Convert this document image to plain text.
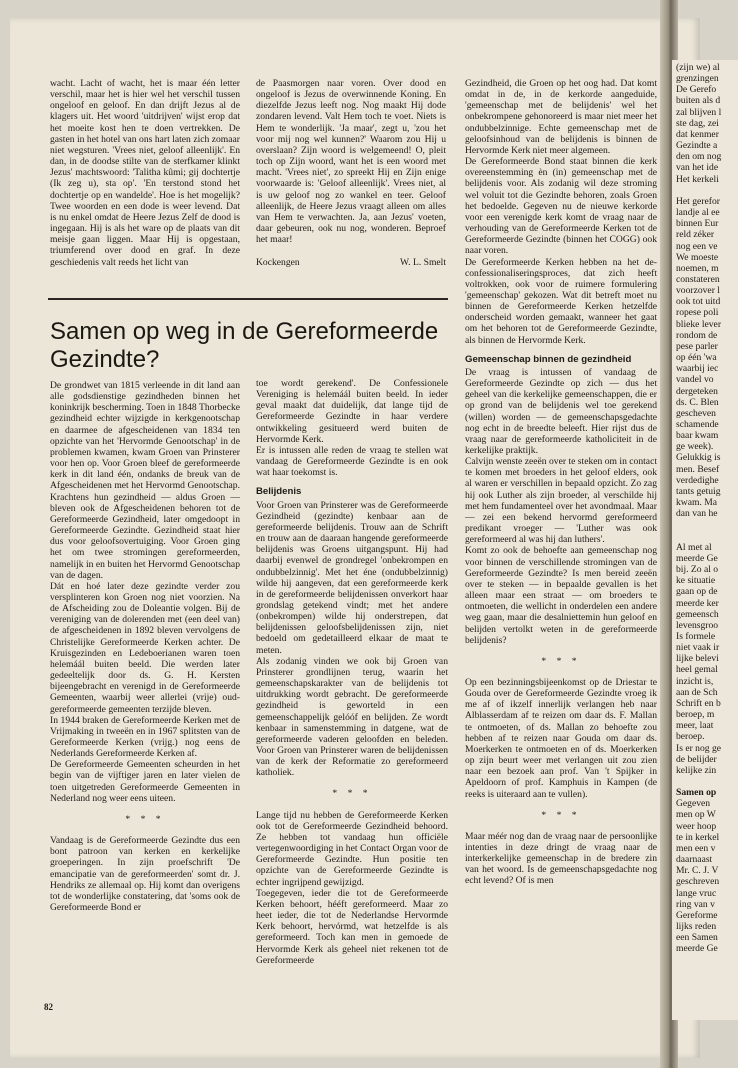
(zijn we) al
grenzingen
De Gerefo
buiten als d
zal blijven l
ste dag, zei
dat kenmer
Gezindte a
den om nog
van het ide
Het kerkeli

Het gerefor
landje al ee
binnen Eur
reld zéker
nog een ve
We moeste
noemen, m
constateren
voorzover l
ook tot uitd
ropese poli
blieke lever
rondom de
pese parler
op één 'wa
waarbij iec
vandel vo
dergeteken
ds. C. Blen
gescheven
schamende
baar kwam
ge week).
Gelukkig is
men. Besef
verdedighe
tants getuig
kwam. Ma
dan van he

Al met al
meerde Ge
bij. Zo al o
ke situatie
gaan op de
meerde ker
gemeensch
levensgroo
Is formele
niet vaak ir
lijke belevi
heel gemal
inzicht is,
aan de Sch
Schrift en b
beroep, m
meer, laat
beroep.
Is er nog ge
de belijder
kelijke zin

Samen op
Gegeven
men op W
weer hoop
te in kerkel
men een v
daarnaast
Mr. C. J. V
geschreven
lange vruc
ring van v
Gereforme
lijks reden
een Samen
meerde Ge

wacht. Lacht of wacht, het is maar één letter verschil, maar het is hier wel het verschil tussen ongeloof en geloof. En dan drijft Jezus al de klagers uit. Het woord 'uitdrijven' wijst erop dat het moeite kost hen te doen vertrekken. De gasten in het hotel van ons hart laten zich zomaar niet wegsturen. 'Vrees niet, geloof alleenlijk'. En dan, in de doodse stilte van de sterfkamer klinkt Jezus' machtswoord: 'Talitha kûmi; gij dochtertje (Ik zeg u), sta op'. 'En terstond stond het dochtertje op en wandelde'. Hoe is het mogelijk? Twee woorden en een dode is weer levend. Dat is nu enkel omdat de Heere Jezus Zelf de dood is ingegaan. Hij is als het ware op de plaats van dit meisje gaan liggen. Maar Hij is opgestaan, triumferend over dood en graf. In deze geschiedenis valt reeds het licht van

de Paasmorgen naar voren. Over dood en ongeloof is Jezus de overwinnende Koning. En diezelfde Jezus leeft nog. Nog maakt Hij dode zondaren levend. Valt Hem toch te voet. Niets is Hem te wonderlijk. 'Ja maar', zegt u, 'zou het voor mij nog wel kunnen?' Waarom zou Hij u overslaan? Zijn woord is welgemeend! O, pleit toch op Zijn woord, want het is een woord met macht. 'Vrees niet', zo spreekt Hij en Zijn enige voorwaarde is: 'Geloof alleenlijk'. Vrees niet, al is uw geloof nog zo wankel en teer. Geloof alleenlijk, de Heere Jezus vraagt alleen om alles van Hem te verwachten. Ja, aan Jezus' voeten, daar gebeuren, ook nu nog, wonderen. Beproef het maar!

Kockengen	W. L. Smelt
Samen op weg in de Gereformeerde Gezindte?

De grondwet van 1815 verleende in dit land aan alle godsdienstige gezindheden binnen het koninkrijk bescherming. Toen in 1848 Thorbecke gezindheid echter wijzigde in kerkgenootschap en daarmee de afgescheidenen van 1834 ten opzichte van het 'Hervormde Genootschap' in de problemen kwamen, kwam Groen van Prinsterer voor hen op. Voor Groen bleef de gereformeerde kerk in dit land één, ondanks de breuk van de Afgescheidenen met het Hervormd Genootschap. Krachtens hun gezindheid — aldus Groen — bleven ook de Afgescheidenen behoren tot de Gereformeerde Gezindheid, later omgedoopt in Gereformeerde Gezindte. Gezindheid staat hier dus voor geloofsovertuiging. Voor Groen ging het om twee stromingen gereformeerden, namelijk in en buiten het Hervormd Genootschap van de dagen.

Dát en hoé later deze gezindte verder zou versplinteren kon Groen nog niet voorzien. Na de Afscheiding zou de Doleantie volgen. Bij de vereniging van de dolerenden met (een deel van) de afgescheidenen in 1892 bleven vervolgens de Christelijke Gereformeerde Kerken achter. De Kruisgezinden en Ledeboerianen waren toen helemáál buiten beeld. Die werden later gedeeltelijk door ds. G. H. Kersten bijeengebracht en verenigd in de Gereformeerde Gemeenten, waarbij weer allerlei (vrije) oud-gereformeerde gemeenten terzijde bleven.

In 1944 braken de Gereformeerde Kerken met de Vrijmaking in tweeën en in 1967 splitsten van de Gereformeerde Kerken (vrijg.) nog eens de Nederlands Gereformeerde Kerken af.

De Gereformeerde Gemeenten scheurden in het begin van de vijftiger jaren en later vielen de toen uitgetreden Gereformeerde Gemeenten in Nederland nog weer eens uiteen.

* * *

Vandaag is de Gereformeerde Gezindte dus een bont patroon van kerken en kerkelijke groeperingen. In zijn proefschrift 'De emancipatie van de gereformeerden' somt dr. J. Hendriks ze allemaal op. Hij komt dan overigens tot de wonderlijke constatering, dat 'soms ook de Gereformeerde Bond er

toe wordt gerekend'. De Confessionele Vereniging is helemáál buiten beeld. In ieder geval maakt dat duidelijk, dat lange tijd de Gereformeerde Gezindte in haar verdere ontwikkeling gesitueerd werd buiten de Hervormde Kerk.

Er is intussen alle reden de vraag te stellen wat vandaag de Gereformeerde Gezindte is en ook wat haar toekomst is.

Belijdenis

Voor Groen van Prinsterer was de Gereformeerde Gezindheid (gezindte) kenbaar aan de gereformeerde belijdenis. Trouw aan de Schrift en trouw aan de daaraan hangende gereformeerde belijdenis was Groens uitgangspunt. Hij had daarbij evenwel de grondregel 'onbekrompen en ondubbelzinnig'. Met het éne (ondubbelzinnig) wilde hij aangeven, dat een gereformeerde kerk in de gereformeerde belijdenissen onverkort haar grondslag getekend vindt; met het andere (onbekrompen) wilde hij onderstrepen, dat belijdenissen geloofsbelijdenissen zijn, niet bedoeld om gedetailleerd elkaar de maat te meten.

Als zodanig vinden we ook bij Groen van Prinsterer grondlijnen terug, waarin het gemeenschapskarakter van de belijdenis tot uitdrukking wordt gebracht. De gereformeerde gezindheid is geworteld in een gemeenschappelijk gelóóf en belijden. Ze wordt kenbaar in samenstemming in datgene, wat de gereformeerde vaderen geloofden en beleden. Voor Groen van Prinsterer waren de belijdenissen van de kerk der Reformatie zo gereformeerd katholiek.

* * *

Lange tijd nu hebben de Gereformeerde Kerken ook tot de Gereformeerde Gezindheid behoord. Ze hebben tot vandaag hun officiële vertegenwoordiging in het Contact Organ voor de Gereformeerde Gezindte. Hun positie ten opzichte van de Gereformeerde Gezindte is echter ingrijpend gewijzigd.

Toegegeven, ieder die tot de Gereformeerde Kerken behoort, hééft gereformeerd. Maar zo heet ieder, die tot de Nederlandse Hervormde Kerk behoort, hervórmd, wat hetzelfde is als gereformeerd. Toch kan men in gemoede de Hervormde Kerk als geheel niet rekenen tot de Gereformeerde

Gezindheid, die Groen op het oog had. Dat komt omdat in de, in de kerkorde aangeduide, 'gemeenschap met de belijdenis' wel het onbekrompene gehonoreerd is maar niet meer het ondubbelzinnige. Echte gemeenschap met de geloofsinhoud van de belijdenis is binnen de Hervormde Kerk niet meer algemeen.

De Gereformeerde Bond staat binnen die kerk overeenstemming èn (in) gemeenschap met de belijdenis voor. Als zodanig wil deze stroming wel voluit tot die Gezindte behoren, zoals Groen het bedoelde. Gegeven nu de nieuwe kerkorde voor een verenigde kerk komt de vraag naar de verhouding van de Gereformeerde Kerken tot de Gereformeerde Gezindte (binnen het COGG) ook naar voren.

De Gereformeerde Kerken hebben na het de-confessionaliseringsproces, dat zich heeft voltrokken, ook voor de ruimere formulering 'gemeenschap' gekozen. Wat dit betreft moet nu binnen de Gereformeerde Kerken hetzelfde onderscheid worden gemaakt, wanneer het gaat om het behoren tot de Gereformeerde Gezindte, als binnen de Hervormde Kerk.

Gemeenschap binnen de gezindheid

De vraag is intussen of vandaag de Gereformeerde Gezindte op zich — dus het geheel van die kerkelijke gemeenschappen, die er op grond van de belijdenis wel toe gerekend (willen) worden — de gemeenschapsgedachte nog echt in de breedte beleeft. Hier rijst dus de vraag naar de gereformeerde katholiciteit in de kerkelijke praktijk.

Calvijn wenste zeeën over te steken om in contact te komen met broeders in het geloof elders, ook al waren er verschillen in bepaald opzicht. Zo zag hij ook Luther als zijn broeder, al verschilde hij met hem fundamenteel over het avondmaal. Maar — zei een bekend hervormd gereformeerd predikant vroeger — 'Luther was ook gereformeerd al was hij dan luthers'.

Komt zo ook de behoefte aan gemeenschap nog voor binnen de verschillende stromingen van de Gereformeerde Gezindte? Is men bereid zeeën over te steken — in bepaalde gevallen is het alleen maar een straat — om broeders te ontmoeten, die wellicht in onderdelen een andere weg gaan, maar die desalniettemin hun geloof en belijden vertolkt weten in de gereformeerde belijdenis?

* * *

Op een bezinningsbijeenkomst op de Driestar te Gouda over de Gereformeerde Gezindte vroeg ik me af of ikzelf innerlijk verlangen heb naar Alblasserdam af te reizen om daar ds. F. Mallan te ontmoeten, of ds. Mallan zo behoefte zou hebben af te reizen naar Gouda om daar ds. Moerkerken te ontmoeten en of ds. Moerkerken op zijn beurt weer met verlangen uit zou zien naar een bezoek aan prof. Van 't Spijker in Apeldoorn of prof. Kamphuis in Kampen (de reeks is uiteraard aan te vullen).

* * *

Maar méér nog dan de vraag naar de persoonlijke intenties in deze dringt de vraag naar de interkerkelijke gemeenschap in de bredere zin van het woord. Is de gemeenschapsgedachte nog echt levend? Of is men

82
